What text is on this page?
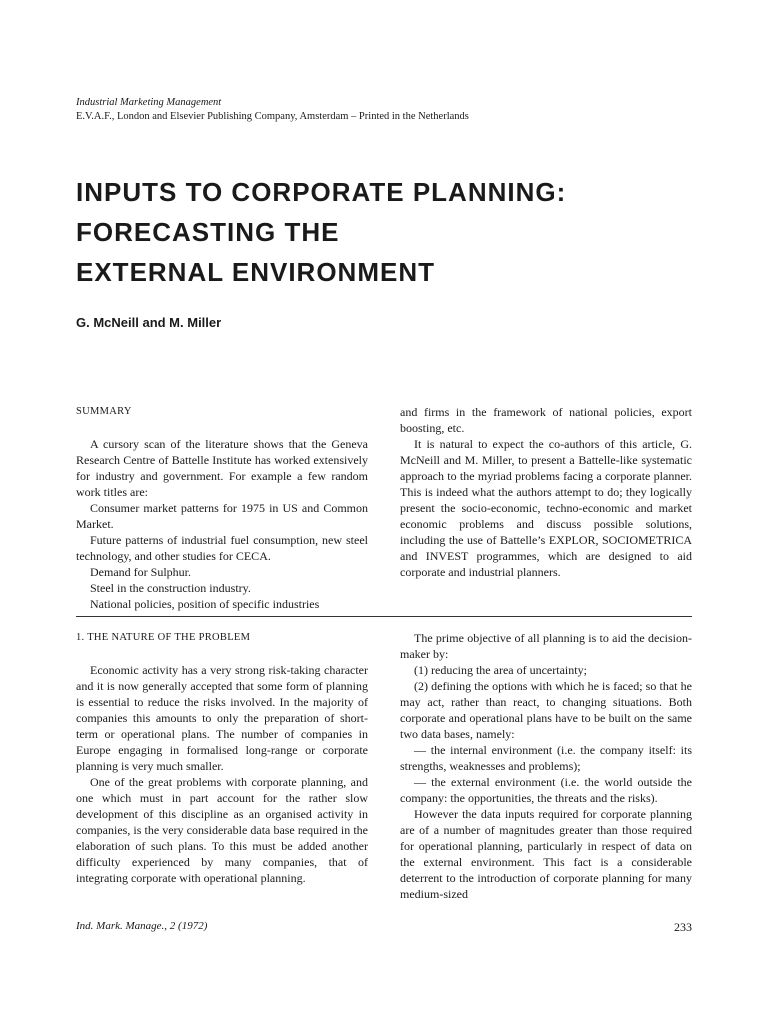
Industrial Marketing Management
E.V.A.F., London and Elsevier Publishing Company, Amsterdam – Printed in the Netherlands
INPUTS TO CORPORATE PLANNING:
FORECASTING THE
EXTERNAL ENVIRONMENT
G. McNeill and M. Miller

SUMMARY

A cursory scan of the literature shows that the Geneva Research Centre of Battelle Institute has worked extensively for industry and government. For example a few random work titles are:

Consumer market patterns for 1975 in US and Common Market.

Future patterns of industrial fuel consumption, new steel technology, and other studies for CECA.

Demand for Sulphur.

Steel in the construction industry.

National policies, position of specific industries

and firms in the framework of national policies, export boosting, etc.

It is natural to expect the co-authors of this article, G. McNeill and M. Miller, to present a Battelle-like systematic approach to the myriad problems facing a corporate planner. This is indeed what the authors attempt to do; they logically present the socio-economic, techno-economic and market economic problems and discuss possible solutions, including the use of Battelle’s EXPLOR, SOCIOMETRICA and INVEST programmes, which are designed to aid corporate and industrial planners.

1. THE NATURE OF THE PROBLEM

Economic activity has a very strong risk-taking character and it is now generally accepted that some form of planning is essential to reduce the risks involved. In the majority of companies this amounts to only the preparation of short-term or operational plans. The number of companies in Europe engaging in formalised long-range or corporate planning is very much smaller.

One of the great problems with corporate planning, and one which must in part account for the rather slow development of this discipline as an organised activity in companies, is the very considerable data base required in the elaboration of such plans. To this must be added another difficulty experienced by many companies, that of integrating corporate with operational planning.

The prime objective of all planning is to aid the decision-maker by:

(1) reducing the area of uncertainty;

(2) defining the options with which he is faced; so that he may act, rather than react, to changing situations. Both corporate and operational plans have to be built on the same two data bases, namely:

— the internal environment (i.e. the company itself: its strengths, weaknesses and problems);

— the external environment (i.e. the world outside the company: the opportunities, the threats and the risks).

However the data inputs required for corporate planning are of a number of magnitudes greater than those required for operational planning, particularly in respect of data on the external environment. This fact is a considerable deterrent to the introduction of corporate planning for many medium-sized

Ind. Mark. Manage., 2 (1972)	233
